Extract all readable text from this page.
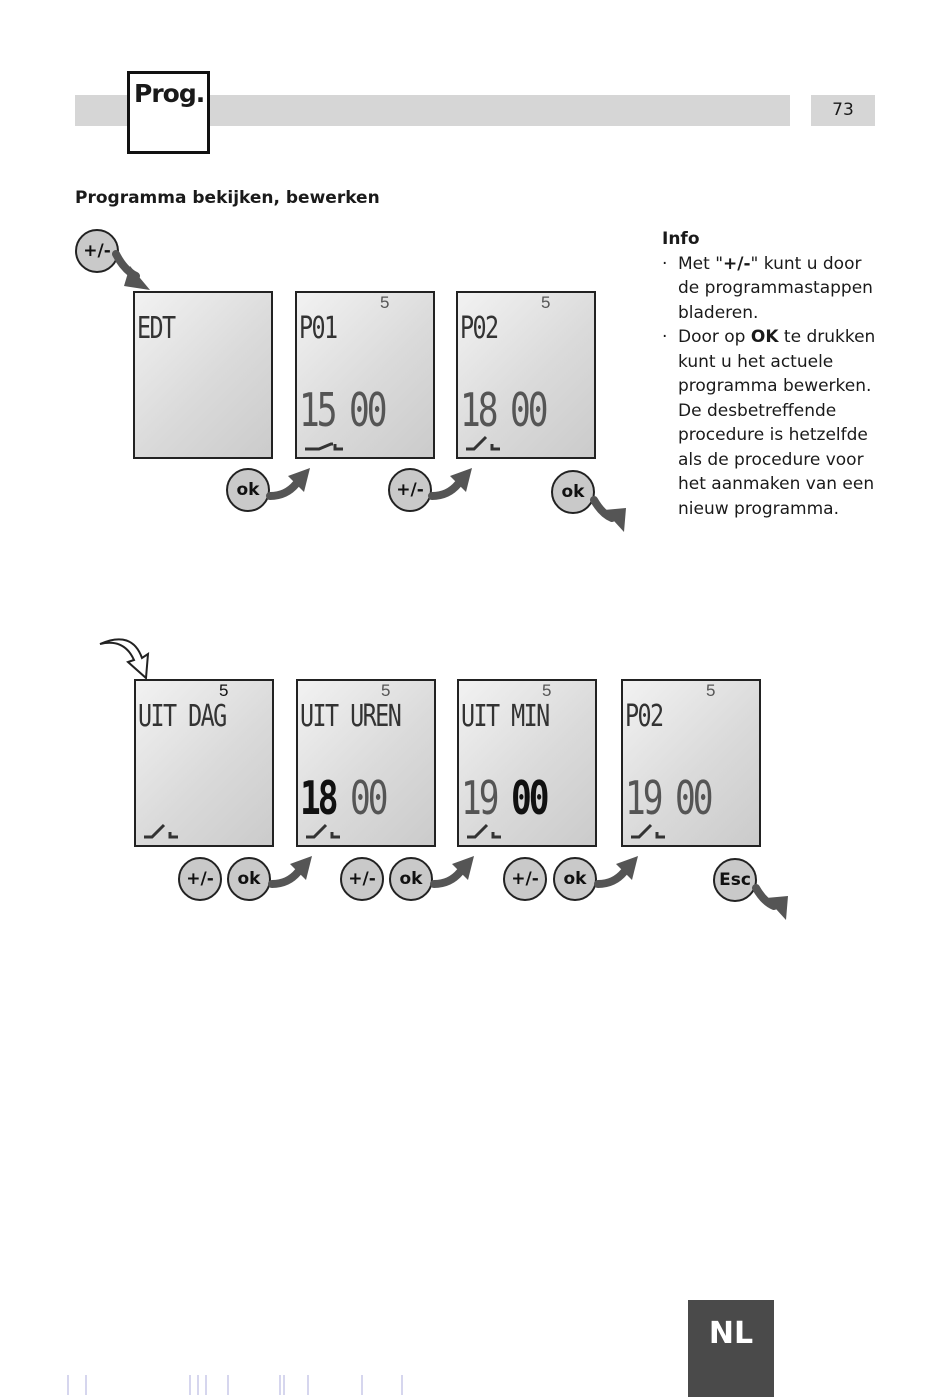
73
Prog.
Programma bekijken, bewerken
Info
· Met "+/-" kunt u door de programmastappen bladeren.
· Door op OK te drukken kunt u het actuele programma bewerken. De desbetreffende procedure is hetzelfde als de procedure voor het aanmaken van een nieuw programma.
+/-
EDT
5
P01
15 00
5
P02
18 00
ok	+/-	ok
5
UIT DAG
5
UIT UREN
18 00
5
UIT MIN
19 00
5
P02
19 00
+/-	ok	+/-	ok	+/-	ok	Esc
NL
